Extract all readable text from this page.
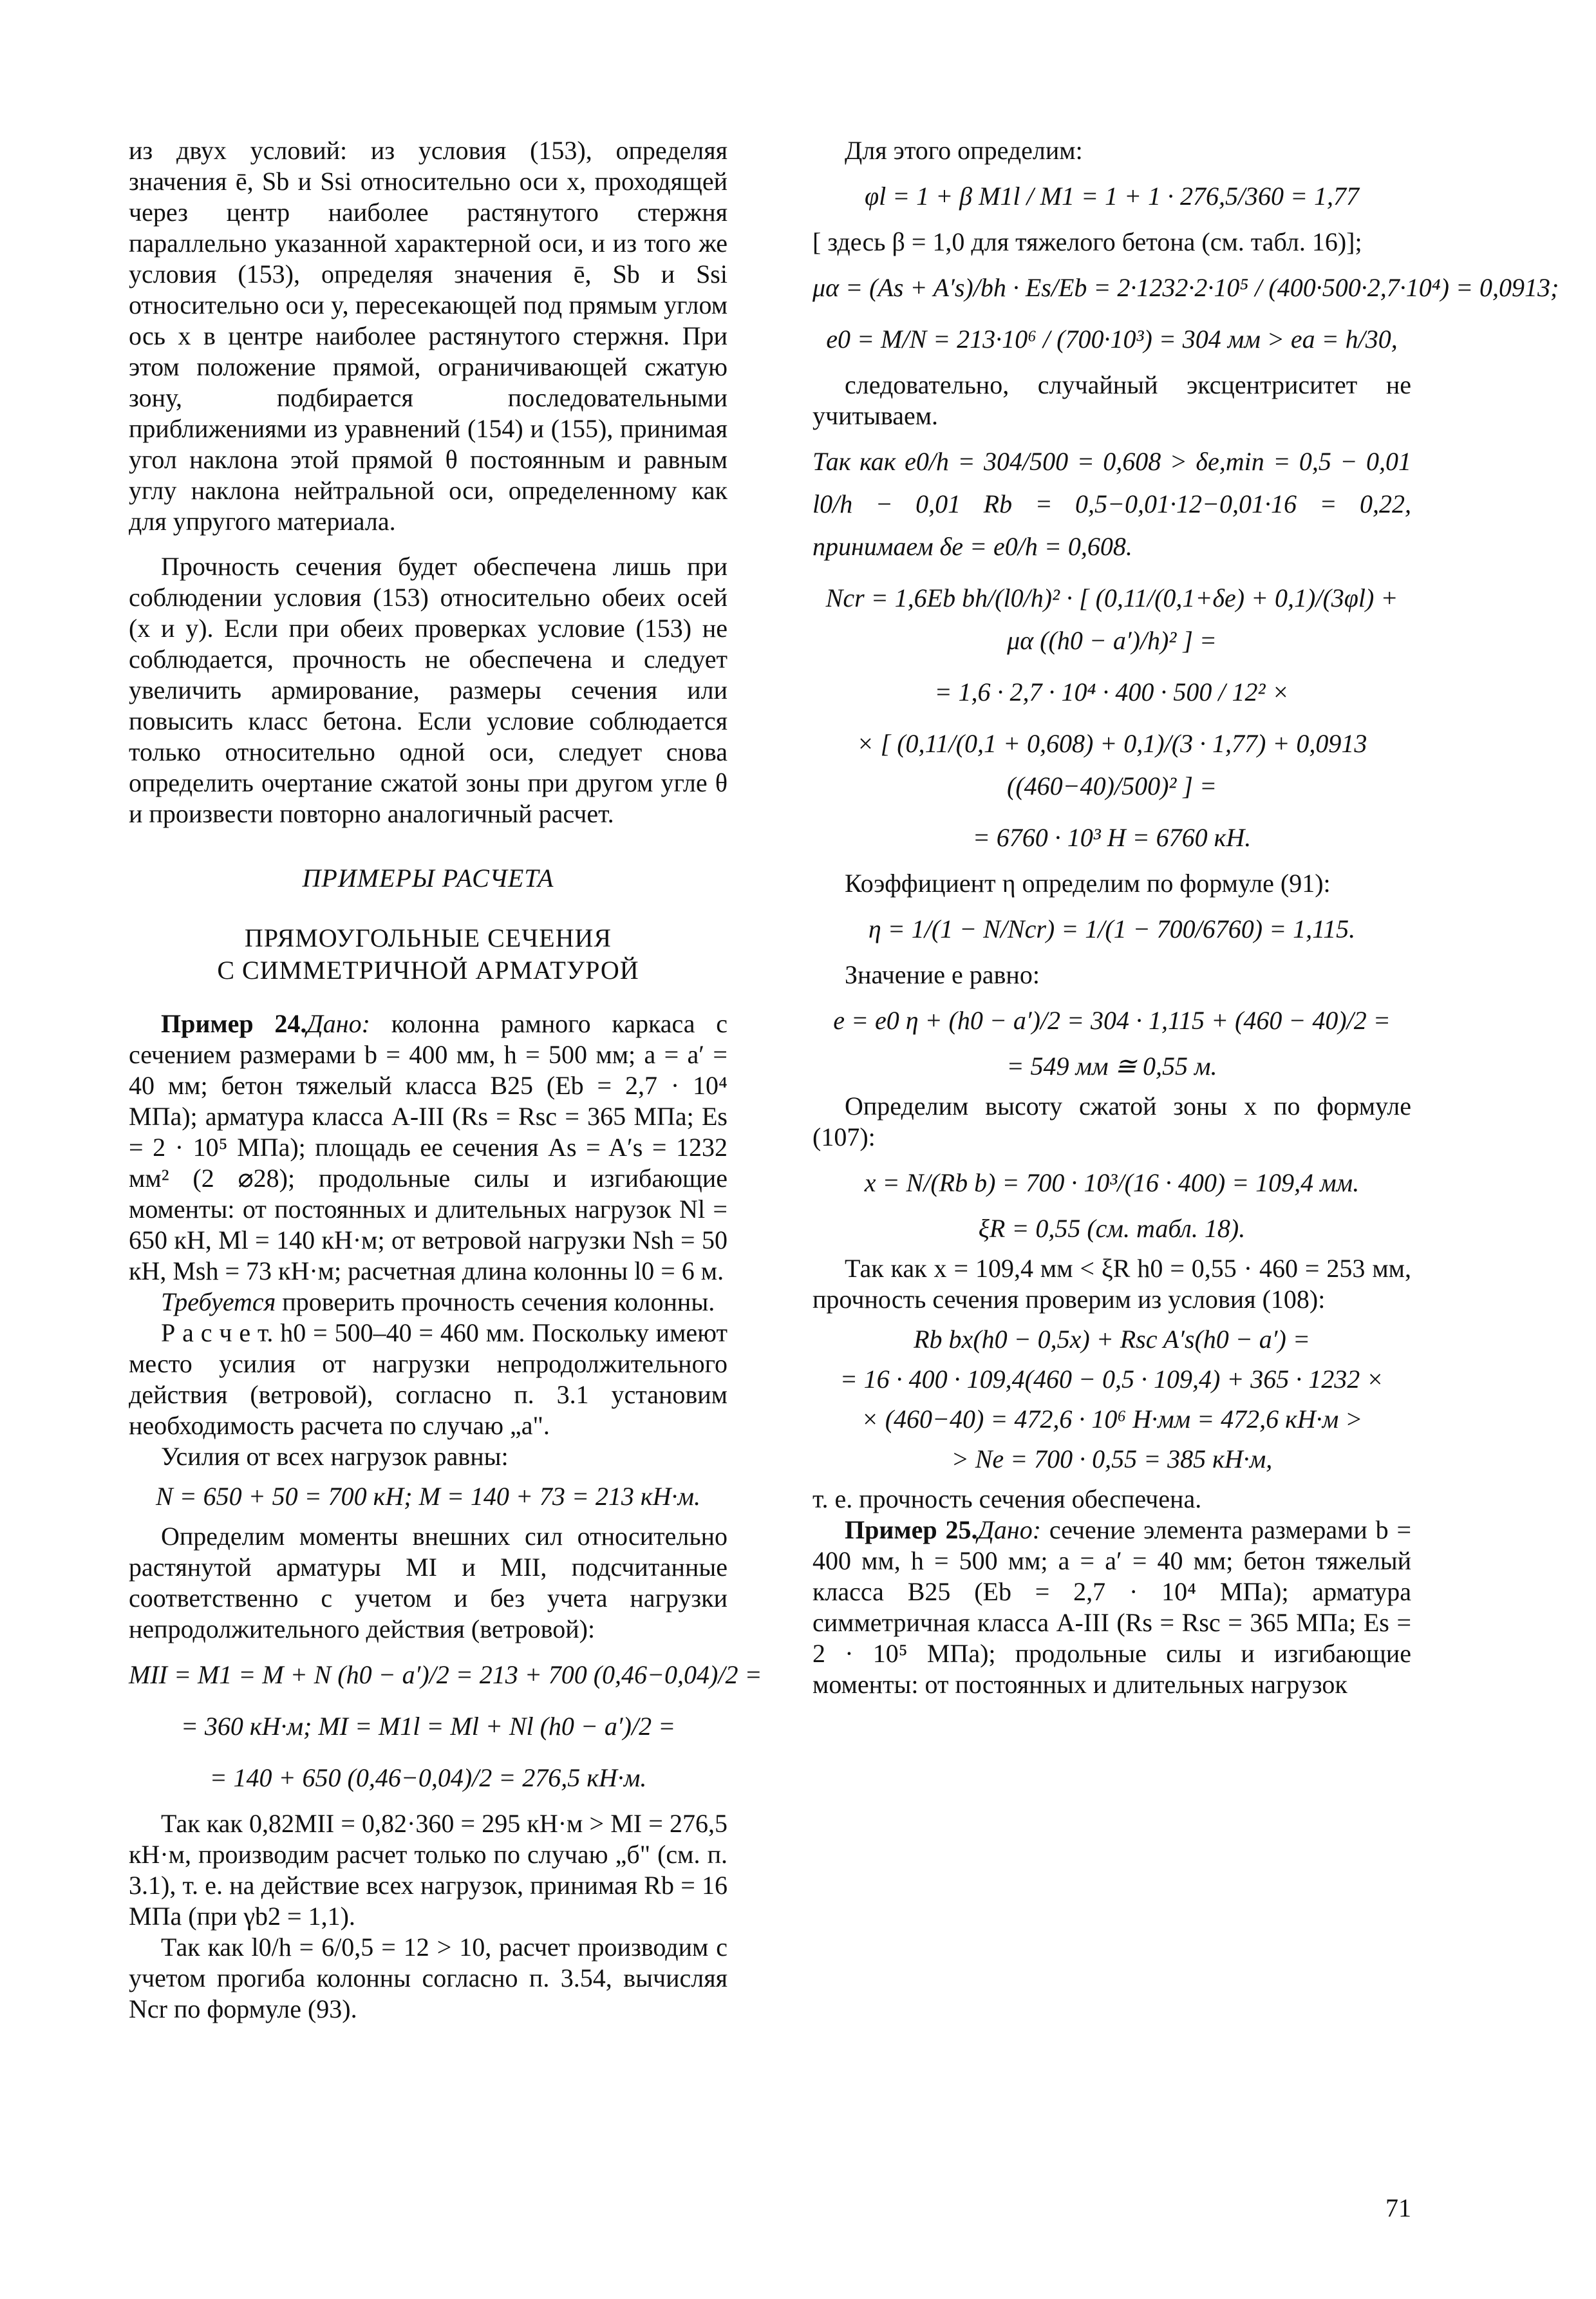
из двух условий: из условия (153), определяя значения ē, Sb и Ssi относительно оси x, проходящей через центр наиболее растянутого стержня параллельно указанной характерной оси, и из того же условия (153), определяя значения ē, Sb и Ssi относительно оси y, пересекающей под прямым углом ось x в центре наиболее растянутого стержня. При этом положение прямой, ограничивающей сжатую зону, подбирается последовательными приближениями из уравнений (154) и (155), принимая угол наклона этой прямой θ постоянным и равным углу наклона нейтральной оси, определенному как для упругого материала.

Прочность сечения будет обеспечена лишь при соблюдении условия (153) относительно обеих осей (x и y). Если при обеих проверках условие (153) не соблюдается, прочность не обеспечена и следует увеличить армирование, размеры сечения или повысить класс бетона. Если условие соблюдается только относительно одной оси, следует снова определить очертание сжатой зоны при другом угле θ и произвести повторно аналогичный расчет.

ПРИМЕРЫ РАСЧЕТА
ПРЯМОУГОЛЬНЫЕ СЕЧЕНИЯ
С СИММЕТРИЧНОЙ АРМАТУРОЙ

Пример 24.Дано: колонна рамного каркаса с сечением размерами b = 400 мм, h = 500 мм; a = a′ = 40 мм; бетон тяжелый класса В25 (Eb = 2,7 · 10⁴ МПа); арматура класса А-III (Rs = Rsc = 365 МПа; Es = 2 · 10⁵ МПа); площадь ее сечения As = A′s = 1232 мм² (2 ⌀28); продольные силы и изгибающие моменты: от постоянных и длительных нагрузок Nl = 650 кН, Ml = 140 кН·м; от ветровой нагрузки Nsh = 50 кН, Msh = 73 кН·м; расчетная длина колонны l0 = 6 м.

Требуется проверить прочность сечения колонны.

Р а с ч е т. h0 = 500–40 = 460 мм. Поскольку имеют место усилия от нагрузки непродолжительного действия (ветровой), согласно п. 3.1 установим необходимость расчета по случаю „а".

Усилия от всех нагрузок равны:

N = 650 + 50 = 700 кН; M = 140 + 73 = 213 кН·м.

Определим моменты внешних сил относительно растянутой арматуры MI и MII, подсчитанные соответственно с учетом и без учета нагрузки непродолжительного действия (ветровой):

MII = M1 = M + N (h0 − a′)/2 = 213 + 700 (0,46−0,04)/2 =
= 360 кН·м; MI = M1l = Ml + Nl (h0 − a′)/2 =
= 140 + 650 (0,46−0,04)/2 = 276,5 кН·м.

Так как 0,82MII = 0,82·360 = 295 кН·м > MI = 276,5 кН·м, производим расчет только по случаю „б" (см. п. 3.1), т. е. на действие всех нагрузок, принимая Rb = 16 МПа (при γb2 = 1,1).

Так как l0/h = 6/0,5 = 12 > 10, расчет производим с учетом прогиба колонны согласно п. 3.54, вычисляя Ncr по формуле (93).

Для этого определим:

φl = 1 + β M1l / M1 = 1 + 1 · 276,5/360 = 1,77

[ здесь β = 1,0 для тяжелого бетона (см. табл. 16)];

μα = (As + A′s)/bh · Es/Eb = 2·1232·2·10⁵ / (400·500·2,7·10⁴) = 0,0913;
e0 = M/N = 213·10⁶ / (700·10³) = 304 мм > ea = h/30,

следовательно, случайный эксцентриситет не учитываем.

Так как e0/h = 304/500 = 0,608 > δe,min = 0,5 − 0,01 l0/h − 0,01 Rb = 0,5−0,01·12−0,01·16 = 0,22, принимаем δe = e0/h = 0,608.

Ncr = 1,6Eb bh/(l0/h)² · [ (0,11/(0,1+δe) + 0,1)/(3φl) + μα ((h0 − a′)/h)² ] =
= 1,6 · 2,7 · 10⁴ · 400 · 500 / 12² ×
× [ (0,11/(0,1 + 0,608) + 0,1)/(3 · 1,77) + 0,0913 ((460−40)/500)² ] =
= 6760 · 10³ Н = 6760 кН.

Коэффициент η определим по формуле (91):

η = 1/(1 − N/Ncr) = 1/(1 − 700/6760) = 1,115.

Значение e равно:

e = e0 η + (h0 − a′)/2 = 304 · 1,115 + (460 − 40)/2 =
= 549 мм ≅ 0,55 м.

Определим высоту сжатой зоны x по формуле (107):

x = N/(Rb b) = 700 · 10³/(16 · 400) = 109,4 мм.
ξR = 0,55 (см. табл. 18).

Так как x = 109,4 мм < ξR h0 = 0,55 · 460 = 253 мм, прочность сечения проверим из условия (108):

Rb bx(h0 − 0,5x) + Rsc A′s(h0 − a′) =
= 16 · 400 · 109,4(460 − 0,5 · 109,4) + 365 · 1232 ×
× (460−40) = 472,6 · 10⁶ Н·мм = 472,6 кН·м >
> Ne = 700 · 0,55 = 385 кН·м,

т. е. прочность сечения обеспечена.

Пример 25.Дано: сечение элемента размерами b = 400 мм, h = 500 мм; a = a′ = 40 мм; бетон тяжелый класса В25 (Eb = 2,7 · 10⁴ МПа); арматура симметричная класса А-III (Rs = Rsc = 365 МПа; Es = 2 · 10⁵ МПа); продольные силы и изгибающие моменты: от постоянных и длительных нагрузок

71
